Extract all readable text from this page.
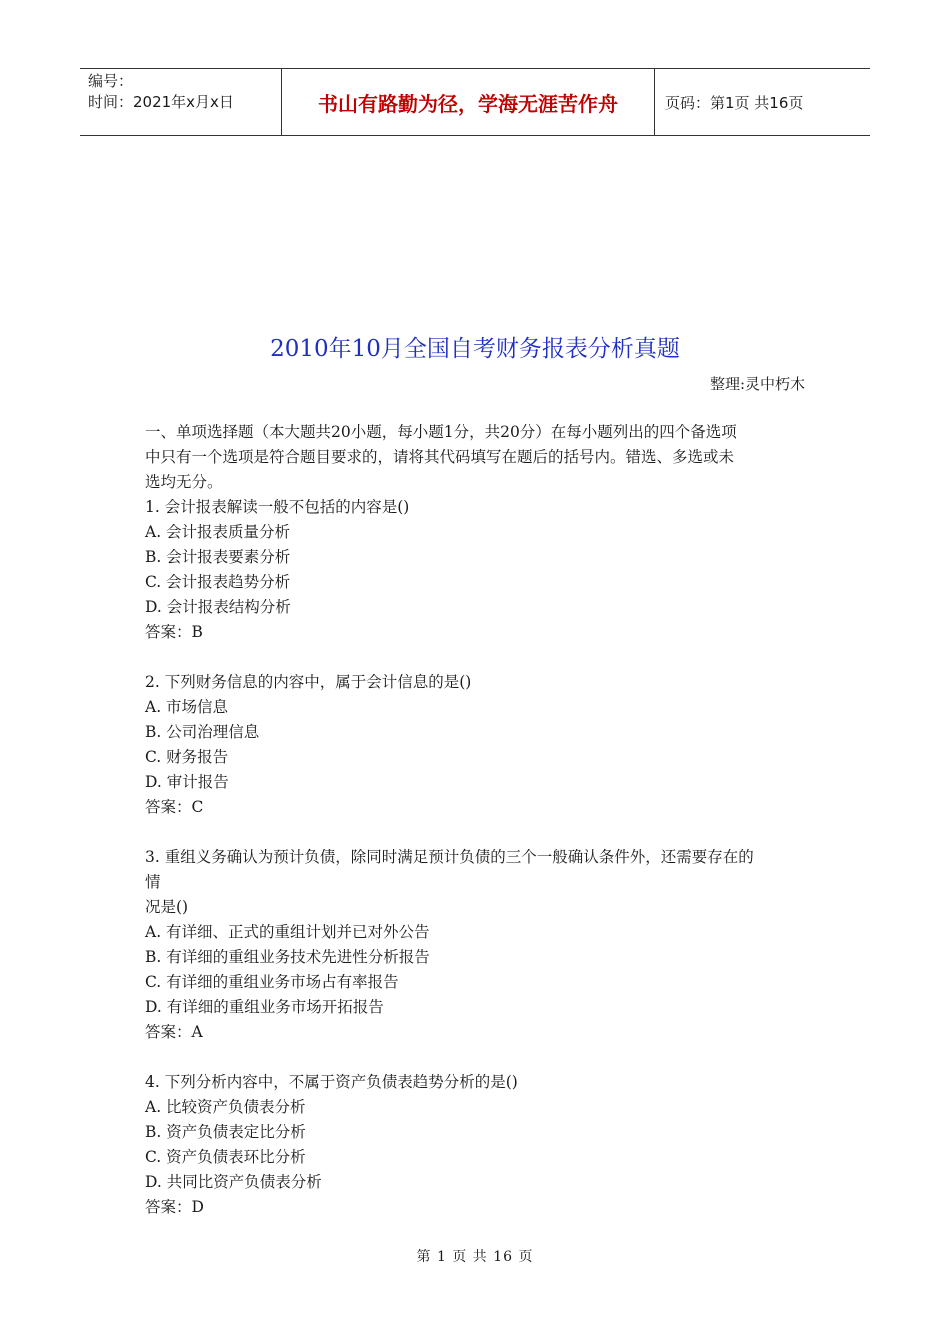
编号：
时间：2021年x月x日	书山有路勤为径，学海无涯苦作舟	页码：第1页 共16页
2010年10月全国自考财务报表分析真题
整理:灵中朽木

一、单项选择题（本大题共20小题，每小题1分，共20分）在每小题列出的四个备选项

中只有一个选项是符合题目要求的，请将其代码填写在题后的括号内。错选、多选或未

选均无分。

1. 会计报表解读一般不包括的内容是()

A. 会计报表质量分析

B. 会计报表要素分析

C. 会计报表趋势分析

D. 会计报表结构分析

答案：B

2. 下列财务信息的内容中，属于会计信息的是()

A. 市场信息

B. 公司治理信息

C. 财务报告

D. 审计报告

答案：C

3. 重组义务确认为预计负债，除同时满足预计负债的三个一般确认条件外，还需要存在的

情

况是()

A. 有详细、正式的重组计划并已对外公告

B. 有详细的重组业务技术先进性分析报告

C. 有详细的重组业务市场占有率报告

D. 有详细的重组业务市场开拓报告

答案：A

4. 下列分析内容中，不属于资产负债表趋势分析的是()

A. 比较资产负债表分析

B. 资产负债表定比分析

C. 资产负债表环比分析

D. 共同比资产负债表分析

答案：D

第 1 页 共 16 页
